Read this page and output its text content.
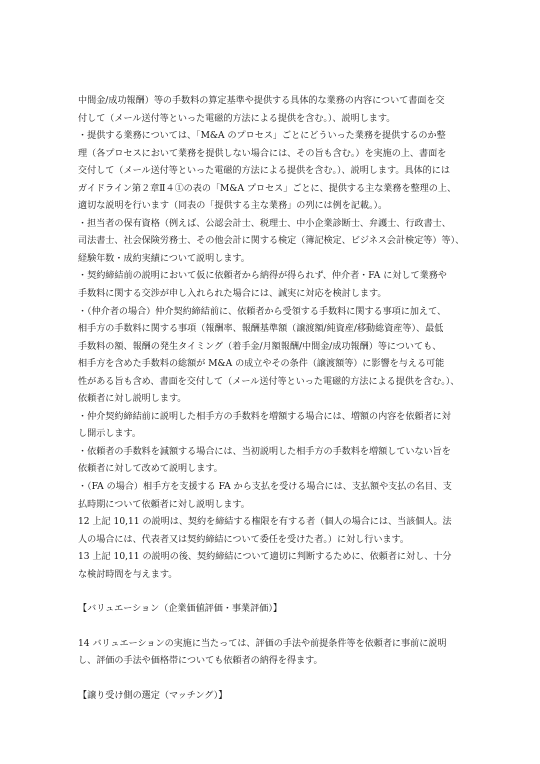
中間金/成功報酬）等の手数料の算定基準や提供する具体的な業務の内容について書面を交
付して（メール送付等といった電磁的方法による提供を含む。）、説明します。
・提供する業務については、「M&A のプロセス」ごとにどういった業務を提供するのか整
理（各プロセスにおいて業務を提供しない場合には、その旨も含む。）を実施の上、書面を
交付して（メール送付等といった電磁的方法による提供を含む。）、説明します。具体的には
ガイドライン第２章Ⅱ４①の表の「M&A プロセス」ごとに、提供する主な業務を整理の上、
適切な説明を行います（同表の「提供する主な業務」の列には例を記載。）。
・担当者の保有資格（例えば、公認会計士、税理士、中小企業診断士、弁護士、行政書士、
司法書士、社会保険労務士、その他会計に関する検定（簿記検定、ビジネス会計検定等）等）、
経験年数・成約実績について説明します。
・契約締結前の説明において仮に依頼者から納得が得られず、仲介者・FA に対して業務や
手数料に関する交渉が申し入れられた場合には、誠実に対応を検討します。
・（仲介者の場合）仲介契約締結前に、依頼者から受領する手数料に関する事項に加えて、
相手方の手数料に関する事項（報酬率、報酬基準額（譲渡額/純資産/移動総資産等）、最低
手数料の額、報酬の発生タイミング（着手金/月額報酬/中間金/成功報酬）等についても、
相手方を含めた手数料の総額が M&A の成立やその条件（譲渡額等）に影響を与える可能
性がある旨も含め、書面を交付して（メール送付等といった電磁的方法による提供を含む。）、
依頼者に対し説明します。
・仲介契約締結前に説明した相手方の手数料を増額する場合には、増額の内容を依頼者に対
し開示します。
・依頼者の手数料を減額する場合には、当初説明した相手方の手数料を増額していない旨を
依頼者に対して改めて説明します。
・（FA の場合）相手方を支援する FA から支払を受ける場合には、支払額や支払の名目、支
払時期について依頼者に対し説明します。
12 上記 10,11 の説明は、契約を締結する権限を有する者（個人の場合には、当該個人。法
人の場合には、代表者又は契約締結について委任を受けた者。）に対し行います。
13 上記 10,11 の説明の後、契約締結について適切に判断するために、依頼者に対し、十分
な検討時間を与えます。
【バリュエーション（企業価値評価・事業評価）】
14 バリュエーションの実施に当たっては、評価の手法や前提条件等を依頼者に事前に説明
し、評価の手法や価格帯についても依頼者の納得を得ます。
【譲り受け側の選定（マッチング）】
